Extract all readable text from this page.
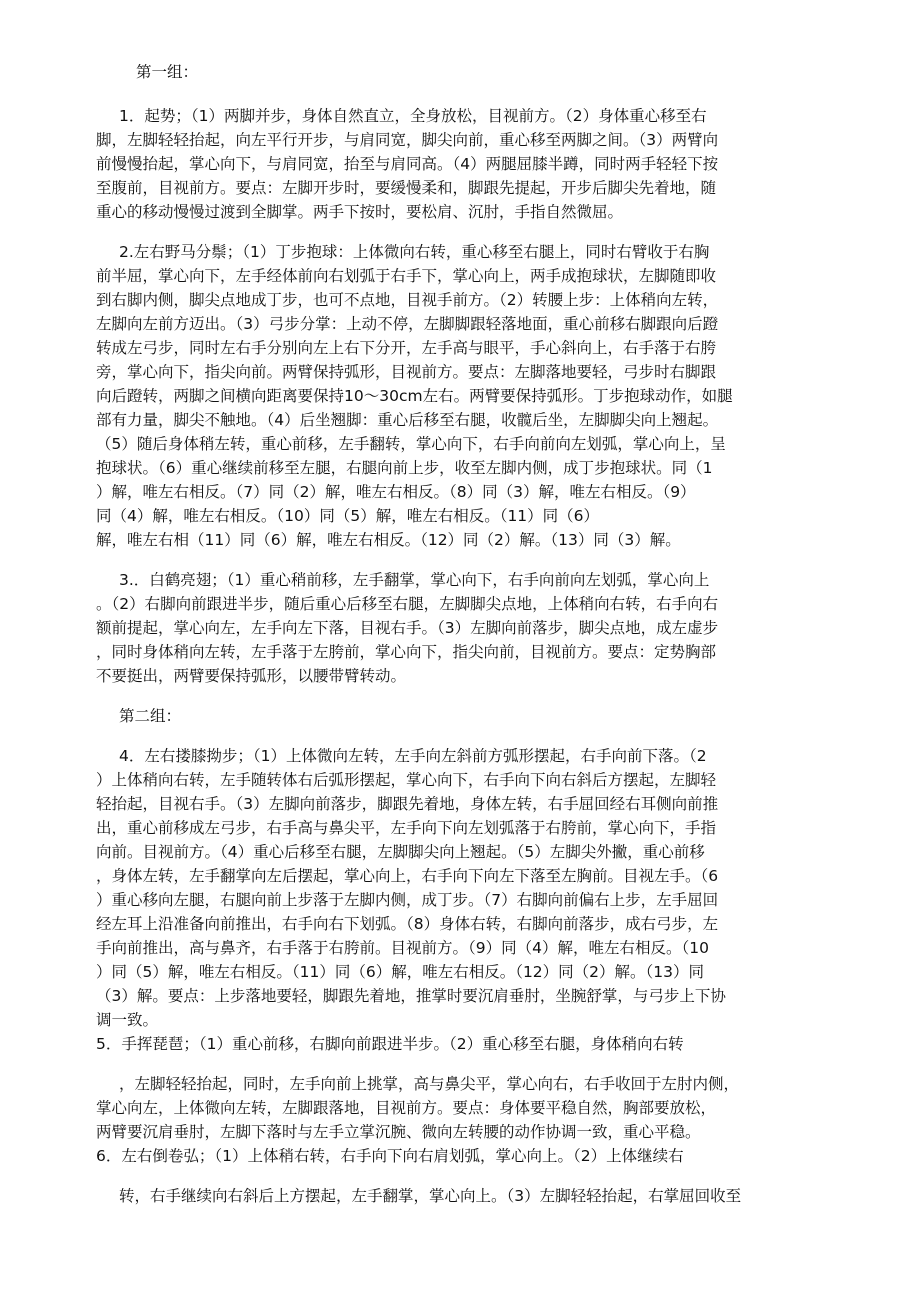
第一组：
1．起势；（1）两脚并步，身体自然直立，全身放松，目视前方。（2）身体重心移至右
脚，左脚轻轻抬起，向左平行开步，与肩同宽，脚尖向前，重心移至两脚之间。（3）两臂向
前慢慢抬起，掌心向下，与肩同宽，抬至与肩同高。（4）两腿屈膝半蹲，同时两手轻轻下按
至腹前，目视前方。要点：左脚开步时，要缓慢柔和，脚跟先提起，开步后脚尖先着地，随
重心的移动慢慢过渡到全脚掌。两手下按时，要松肩、沉肘，手指自然微屈。
2.左右野马分鬃；（1）丁步抱球：上体微向右转，重心移至右腿上，同时右臂收于右胸
前半屈，掌心向下，左手经体前向右划弧于右手下，掌心向上，两手成抱球状，左脚随即收
到右脚内侧，脚尖点地成丁步，也可不点地，目视手前方。（2）转腰上步：上体稍向左转，
左脚向左前方迈出。（3）弓步分掌：上动不停，左脚脚跟轻落地面，重心前移右脚跟向后蹬
转成左弓步，同时左右手分别向左上右下分开，左手高与眼平，手心斜向上，右手落于右胯
旁，掌心向下，指尖向前。两臂保持弧形，目视前方。要点：左脚落地要轻，弓步时右脚跟
向后蹬转，两脚之间横向距离要保持10～30cm左右。两臂要保持弧形。丁步抱球动作，如腿
部有力量，脚尖不触地。（4）后坐翘脚：重心后移至右腿，收髋后坐，左脚脚尖向上翘起。
（5）随后身体稍左转，重心前移，左手翻转，掌心向下，右手向前向左划弧，掌心向上，呈
抱球状。（6）重心继续前移至左腿，右腿向前上步，收至左脚内侧，成丁步抱球状。同（1
）解，唯左右相反。（7）同（2）解，唯左右相反。（8）同（3）解，唯左右相反。（9）
同（4）解，唯左右相反。（10）同（5）解，唯左右相反。（11）同（6）
解，唯左右相（11）同（6）解，唯左右相反。（12）同（2）解。（13）同（3）解。
3.．白鹤亮翅；（1）重心稍前移，左手翻掌，掌心向下，右手向前向左划弧，掌心向上
。（2）右脚向前跟进半步，随后重心后移至右腿，左脚脚尖点地，上体稍向右转，右手向右
额前提起，掌心向左，左手向左下落，目视右手。（3）左脚向前落步，脚尖点地，成左虚步
，同时身体稍向左转，左手落于左胯前，掌心向下，指尖向前，目视前方。要点：定势胸部
不要挺出，两臂要保持弧形，以腰带臂转动。
第二组：
4．左右搂膝拗步；（1）上体微向左转，左手向左斜前方弧形摆起，右手向前下落。（2
）上体稍向右转，左手随转体右后弧形摆起，掌心向下，右手向下向右斜后方摆起，左脚轻
轻抬起，目视右手。（3）左脚向前落步，脚跟先着地，身体左转，右手屈回经右耳侧向前推
出，重心前移成左弓步，右手高与鼻尖平，左手向下向左划弧落于右胯前，掌心向下，手指
向前。目视前方。（4）重心后移至右腿，左脚脚尖向上翘起。（5）左脚尖外撇，重心前移
，身体左转，左手翻掌向左后摆起，掌心向上，右手向下向左下落至左胸前。目视左手。（6
）重心移向左腿，右腿向前上步落于左脚内侧，成丁步。（7）右脚向前偏右上步，左手屈回
经左耳上沿准备向前推出，右手向右下划弧。（8）身体右转，右脚向前落步，成右弓步，左
手向前推出，高与鼻齐，右手落于右胯前。目视前方。（9）同（4）解，唯左右相反。（10
）同（5）解，唯左右相反。（11）同（6）解，唯左右相反。（12）同（2）解。（13）同
（3）解。要点：上步落地要轻，脚跟先着地，推掌时要沉肩垂肘，坐腕舒掌，与弓步上下协
调一致。
5．手挥琵琶；（1）重心前移，右脚向前跟进半步。（2）重心移至右腿，身体稍向右转
，左脚轻轻抬起，同时，左手向前上挑掌，高与鼻尖平，掌心向右，右手收回于左肘内侧，
掌心向左，上体微向左转，左脚跟落地，目视前方。要点：身体要平稳自然，胸部要放松，
两臂要沉肩垂肘，左脚下落时与左手立掌沉腕、微向左转腰的动作协调一致，重心平稳。
6．左右倒卷弘；（1）上体稍右转，右手向下向右肩划弧，掌心向上。（2）上体继续右
转，右手继续向右斜后上方摆起，左手翻掌，掌心向上。（3）左脚轻轻抬起，右掌屈回收至
